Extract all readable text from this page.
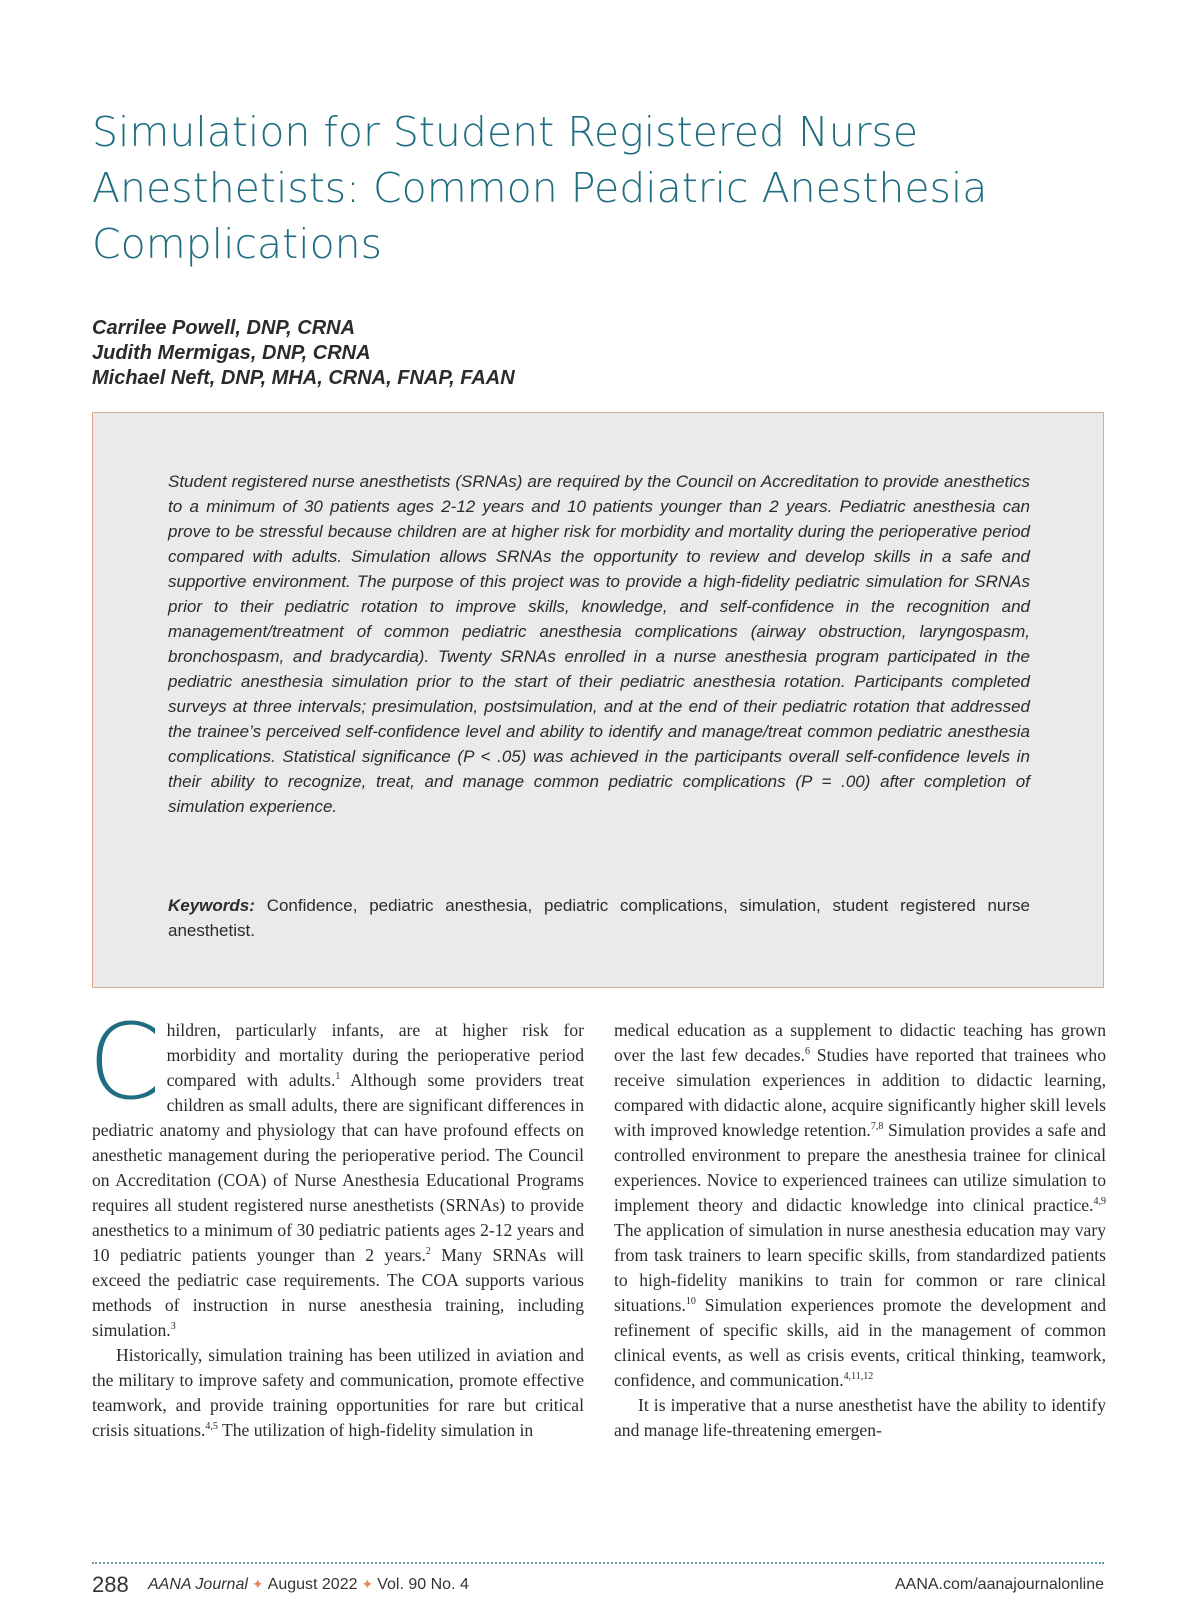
Simulation for Student Registered Nurse
Anesthetists: Common Pediatric Anesthesia
Complications
Carrilee Powell, DNP, CRNA
Judith Mermigas, DNP, CRNA
Michael Neft, DNP, MHA, CRNA, FNAP, FAAN

Student registered nurse anesthetists (SRNAs) are required by the Council on Accreditation to provide anesthetics to a minimum of 30 patients ages 2-12 years and 10 patients younger than 2 years. Pediatric anesthesia can prove to be stressful because children are at higher risk for morbidity and mortality during the perioperative period compared with adults. Simulation allows SRNAs the opportunity to review and develop skills in a safe and supportive environment. The purpose of this project was to provide a high-fidelity pediatric simulation for SRNAs prior to their pediatric rotation to improve skills, knowledge, and self-confidence in the recognition and management/treatment of common pediatric anesthesia complications (airway obstruction, laryngospasm, bronchospasm, and bradycardia). Twenty SRNAs enrolled in a nurse anesthesia program participated in the pediatric anesthesia simulation prior to the start of their pediatric anesthesia rotation. Participants completed surveys at three intervals; presimulation, postsimulation, and at the end of their pediatric rotation that addressed the trainee’s perceived self-confidence level and ability to identify and manage/treat common pediatric anesthesia complications. Statistical significance (P < .05) was achieved in the participants overall self-confidence levels in their ability to recognize, treat, and manage common pediatric complications (P = .00) after completion of simulation experience.

Keywords: Confidence, pediatric anesthesia, pediatric complications, simulation, student registered nurse anesthetist.

Children, particularly infants, are at higher risk for morbidity and mortality during the perioperative period compared with adults.$^1$ Although some providers treat children as small adults, there are significant differences in pediatric anatomy and physiology that can have profound effects on anesthetic management during the perioperative period. The Council on Accreditation (COA) of Nurse Anesthesia Educational Programs requires all student registered nurse anesthetists (SRNAs) to provide anesthetics to a minimum of 30 pediatric patients ages 2-12 years and 10 pediatric patients younger than 2 years.$^2$ Many SRNAs will exceed the pediatric case requirements. The COA supports various methods of instruction in nurse anesthesia training, including simulation.$^3$

Historically, simulation training has been utilized in aviation and the military to improve safety and communication, promote effective teamwork, and provide training opportunities for rare but critical crisis situations.$^{4,5}$ The utilization of high-fidelity simulation in

medical education as a supplement to didactic teaching has grown over the last few decades.$^6$ Studies have reported that trainees who receive simulation experiences in addition to didactic learning, compared with didactic alone, acquire significantly higher skill levels with improved knowledge retention.$^{7,8}$ Simulation provides a safe and controlled environment to prepare the anesthesia trainee for clinical experiences. Novice to experienced trainees can utilize simulation to implement theory and didactic knowledge into clinical practice.$^{4,9}$ The application of simulation in nurse anesthesia education may vary from task trainers to learn specific skills, from standardized patients to high-fidelity manikins to train for common or rare clinical situations.$^{10}$ Simulation experiences promote the development and refinement of specific skills, aid in the management of common clinical events, as well as crisis events, critical thinking, teamwork, confidence, and communication.$^{4,11,12}$

It is imperative that a nurse anesthetist have the ability to identify and manage life-threatening emergen-

288 AANA Journal ✦ August 2022 ✦ Vol. 90 No. 4	AANA.com/aanajournalonline
